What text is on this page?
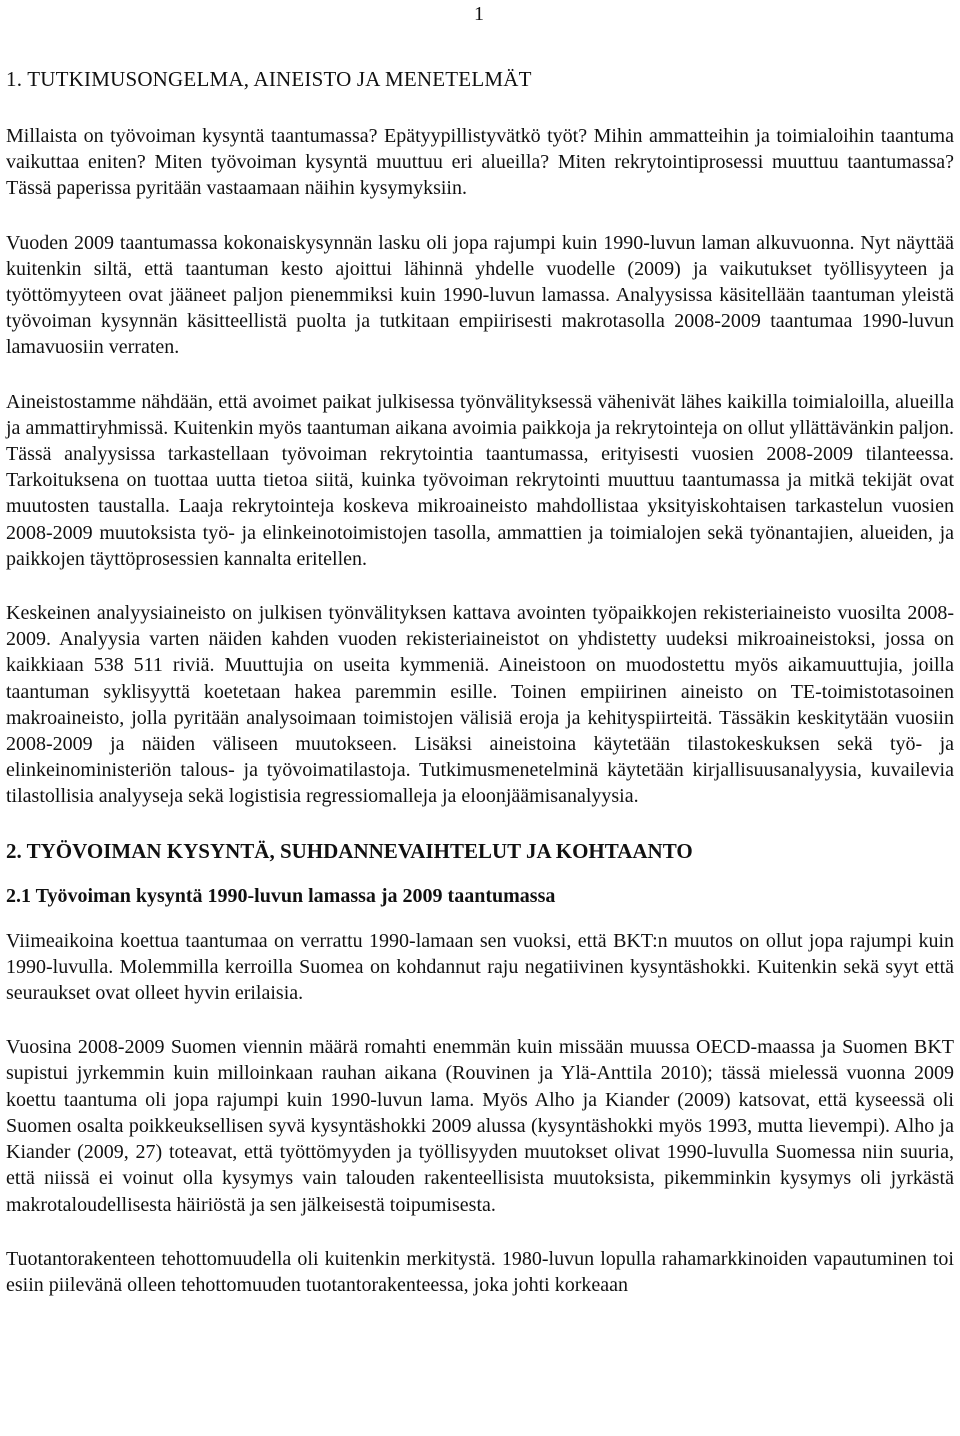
1
1. TUTKIMUSONGELMA, AINEISTO JA MENETELMÄT

Millaista on työvoiman kysyntä taantumassa? Epätyypillistyvätkö työt? Mihin ammatteihin ja toimialoihin taantuma vaikuttaa eniten? Miten työvoiman kysyntä muuttuu eri alueilla? Miten rekrytointiprosessi muuttuu taantumassa? Tässä paperissa pyritään vastaamaan näihin kysymyksiin.

Vuoden 2009 taantumassa kokonaiskysynnän lasku oli jopa rajumpi kuin 1990-luvun laman alkuvuonna. Nyt näyttää kuitenkin siltä, että taantuman kesto ajoittui lähinnä yhdelle vuodelle (2009) ja vaikutukset työllisyyteen ja työttömyyteen ovat jääneet paljon pienemmiksi kuin 1990-luvun lamassa. Analyysissa käsitellään taantuman yleistä työvoiman kysynnän käsitteellistä puolta ja tutkitaan empiirisesti makrotasolla 2008-2009 taantumaa 1990-luvun lamavuosiin verraten.

Aineistostamme nähdään, että avoimet paikat julkisessa työnvälityksessä vähenivät lähes kaikilla toimialoilla, alueilla ja ammattiryhmissä. Kuitenkin myös taantuman aikana avoimia paikkoja ja rekrytointeja on ollut yllättävänkin paljon. Tässä analyysissa tarkastellaan työvoiman rekrytointia taantumassa, erityisesti vuosien 2008-2009 tilanteessa. Tarkoituksena on tuottaa uutta tietoa siitä, kuinka työvoiman rekrytointi muuttuu taantumassa ja mitkä tekijät ovat muutosten taustalla. Laaja rekrytointeja koskeva mikroaineisto mahdollistaa yksityiskohtaisen tarkastelun vuosien 2008-2009 muutoksista työ- ja elinkeinotoimistojen tasolla, ammattien ja toimialojen sekä työnantajien, alueiden, ja paikkojen täyttöprosessien kannalta eritellen.

Keskeinen analyysiaineisto on julkisen työnvälityksen kattava avointen työpaikkojen rekisteriaineisto vuosilta 2008-2009. Analyysia varten näiden kahden vuoden rekisteriaineistot on yhdistetty uudeksi mikroaineistoksi, jossa on kaikkiaan 538 511 riviä. Muuttujia on useita kymmeniä. Aineistoon on muodostettu myös aikamuuttujia, joilla taantuman syklisyyttä koetetaan hakea paremmin esille. Toinen empiirinen aineisto on TE-toimistotasoinen makroaineisto, jolla pyritään analysoimaan toimistojen välisiä eroja ja kehityspiirteitä. Tässäkin keskitytään vuosiin 2008-2009 ja näiden väliseen muutokseen. Lisäksi aineistoina käytetään tilastokeskuksen sekä työ- ja elinkeinoministeriön talous- ja työvoimatilastoja. Tutkimusmenetelminä käytetään kirjallisuusanalyysia, kuvailevia tilastollisia analyyseja sekä logistisia regressiomalleja ja eloonjäämisanalyysia.

2. TYÖVOIMAN KYSYNTÄ, SUHDANNEVAIHTELUT JA KOHTAANTO
2.1 Työvoiman kysyntä 1990-luvun lamassa ja 2009 taantumassa

Viimeaikoina koettua taantumaa on verrattu 1990-lamaan sen vuoksi, että BKT:n muutos on ollut jopa rajumpi kuin 1990-luvulla. Molemmilla kerroilla Suomea on kohdannut raju negatiivinen kysyntäshokki. Kuitenkin sekä syyt että seuraukset ovat olleet hyvin erilaisia.

Vuosina 2008-2009 Suomen viennin määrä romahti enemmän kuin missään muussa OECD-maassa ja Suomen BKT supistui jyrkemmin kuin milloinkaan rauhan aikana (Rouvinen ja Ylä-Anttila 2010); tässä mielessä vuonna 2009 koettu taantuma oli jopa rajumpi kuin 1990-luvun lama. Myös Alho ja Kiander (2009) katsovat, että kyseessä oli Suomen osalta poikkeuksellisen syvä kysyntäshokki 2009 alussa (kysyntäshokki myös 1993, mutta lievempi). Alho ja Kiander (2009, 27) toteavat, että työttömyyden ja työllisyyden muutokset olivat 1990-luvulla Suomessa niin suuria, että niissä ei voinut olla kysymys vain talouden rakenteellisista muutoksista, pikemminkin kysymys oli jyrkästä makrotaloudellisesta häiriöstä ja sen jälkeisestä toipumisesta.

Tuotantorakenteen tehottomuudella oli kuitenkin merkitystä. 1980-luvun lopulla rahamarkkinoiden vapautuminen toi esiin piilevänä olleen tehottomuuden tuotantorakenteessa, joka johti korkeaan
